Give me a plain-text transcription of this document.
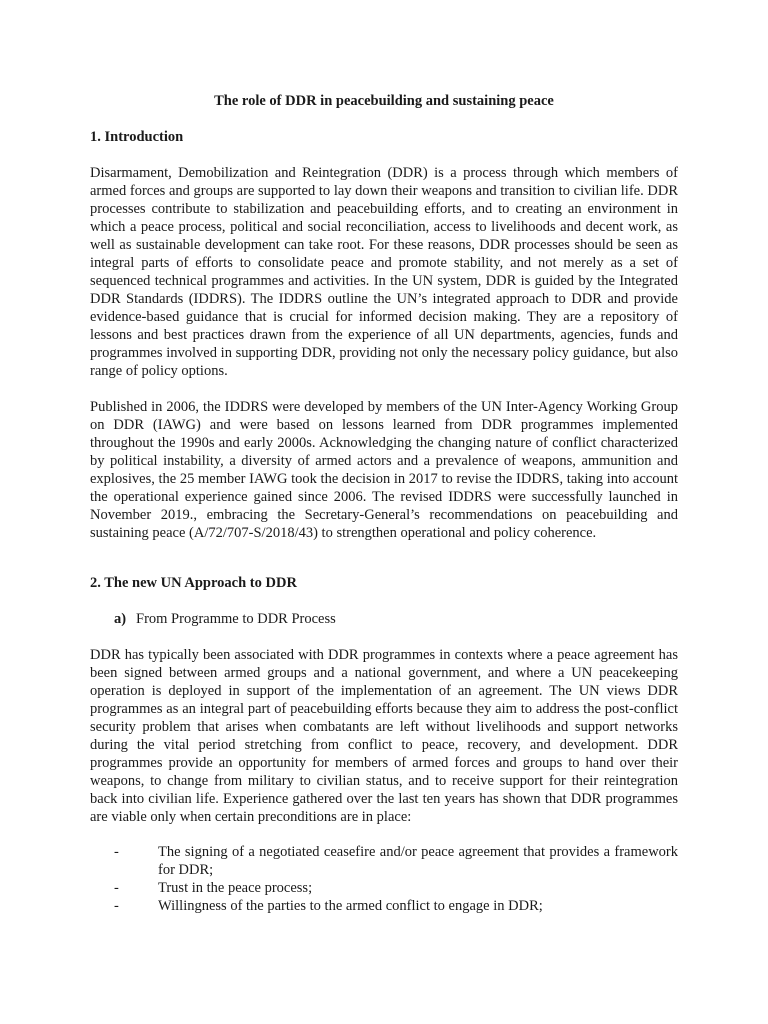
The role of DDR in peacebuilding and sustaining peace
1. Introduction

Disarmament, Demobilization and Reintegration (DDR) is a process through which members of armed forces and groups are supported to lay down their weapons and transition to civilian life. DDR processes contribute to stabilization and peacebuilding efforts, and to creating an environment in which a peace process, political and social reconciliation, access to livelihoods and decent work, as well as sustainable development can take root. For these reasons, DDR processes should be seen as integral parts of efforts to consolidate peace and promote stability, and not merely as a set of sequenced technical programmes and activities. In the UN system, DDR is guided by the Integrated DDR Standards (IDDRS). The IDDRS outline the UN’s integrated approach to DDR and provide evidence-based guidance that is crucial for informed decision making. They are a repository of lessons and best practices drawn from the experience of all UN departments, agencies, funds and programmes involved in supporting DDR, providing not only the necessary policy guidance, but also range of policy options.

Published in 2006, the IDDRS were developed by members of the UN Inter-Agency Working Group on DDR (IAWG) and were based on lessons learned from DDR programmes implemented throughout the 1990s and early 2000s. Acknowledging the changing nature of conflict characterized by political instability, a diversity of armed actors and a prevalence of weapons, ammunition and explosives, the 25 member IAWG took the decision in 2017 to revise the IDDRS, taking into account the operational experience gained since 2006. The revised IDDRS were successfully launched in November 2019., embracing the Secretary-General’s recommendations on peacebuilding and sustaining peace (A/72/707-S/2018/43) to strengthen operational and policy coherence.

2. The new UN Approach to DDR
a) From Programme to DDR Process

DDR has typically been associated with DDR programmes in contexts where a peace agreement has been signed between armed groups and a national government, and where a UN peacekeeping operation is deployed in support of the implementation of an agreement. The UN views DDR programmes as an integral part of peacebuilding efforts because they aim to address the post-conflict security problem that arises when combatants are left without livelihoods and support networks during the vital period stretching from conflict to peace, recovery, and development. DDR programmes provide an opportunity for members of armed forces and groups to hand over their weapons, to change from military to civilian status, and to receive support for their reintegration back into civilian life. Experience gathered over the last ten years has shown that DDR programmes are viable only when certain preconditions are in place:

-	The signing of a negotiated ceasefire and/or peace agreement that provides a framework for DDR;
-	Trust in the peace process;
-	Willingness of the parties to the armed conflict to engage in DDR;
